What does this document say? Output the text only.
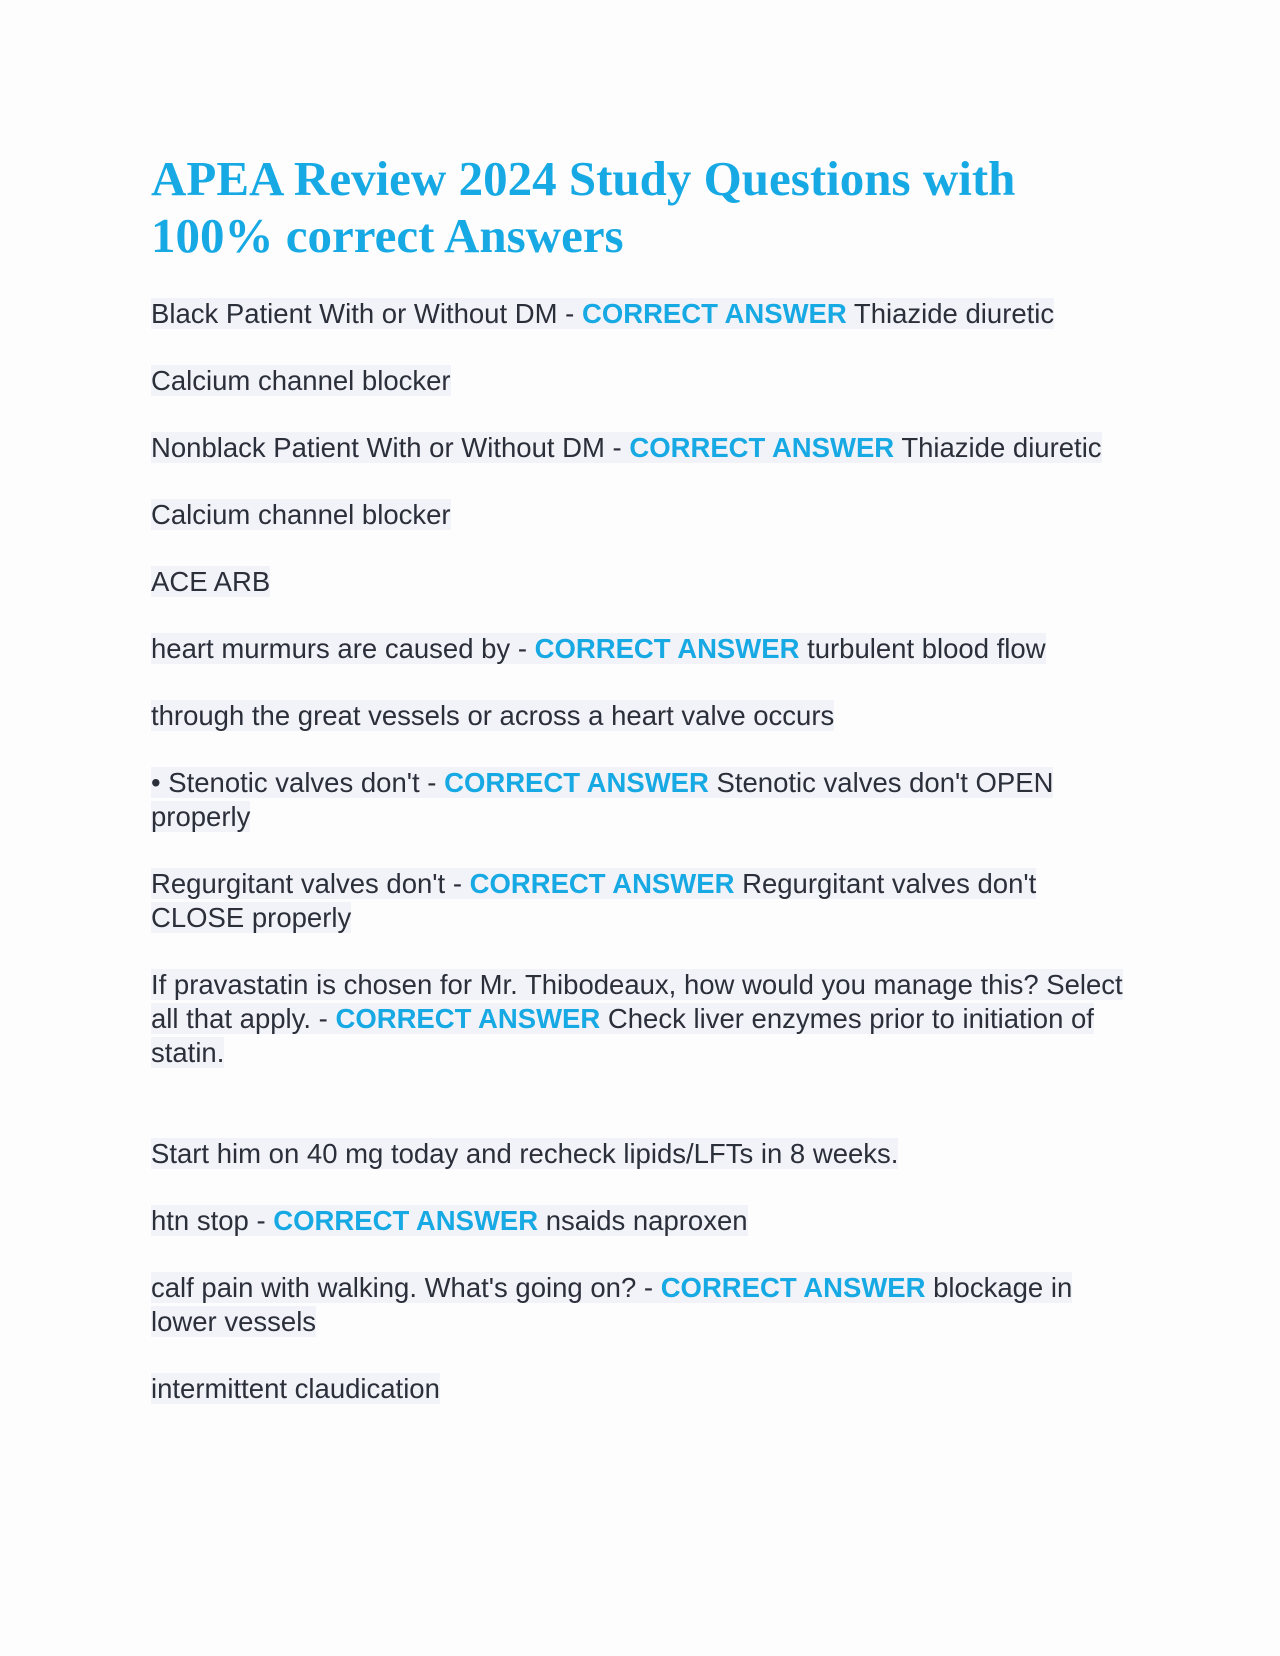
APEA Review 2024 Study Questions with 100% correct Answers

Black Patient With or Without DM - CORRECT ANSWER Thiazide diuretic

Calcium channel blocker

Nonblack Patient With or Without DM - CORRECT ANSWER Thiazide diuretic

Calcium channel blocker

ACE ARB

heart murmurs are caused by - CORRECT ANSWER turbulent blood flow

through the great vessels or across a heart valve occurs

• Stenotic valves don't - CORRECT ANSWER Stenotic valves don't OPEN properly

Regurgitant valves don't - CORRECT ANSWER Regurgitant valves don't CLOSE properly

If pravastatin is chosen for Mr. Thibodeaux, how would you manage this? Select all that apply. - CORRECT ANSWER Check liver enzymes prior to initiation of statin.

Start him on 40 mg today and recheck lipids/LFTs in 8 weeks.

htn stop - CORRECT ANSWER nsaids naproxen

calf pain with walking. What's going on? - CORRECT ANSWER blockage in lower vessels

intermittent claudication
